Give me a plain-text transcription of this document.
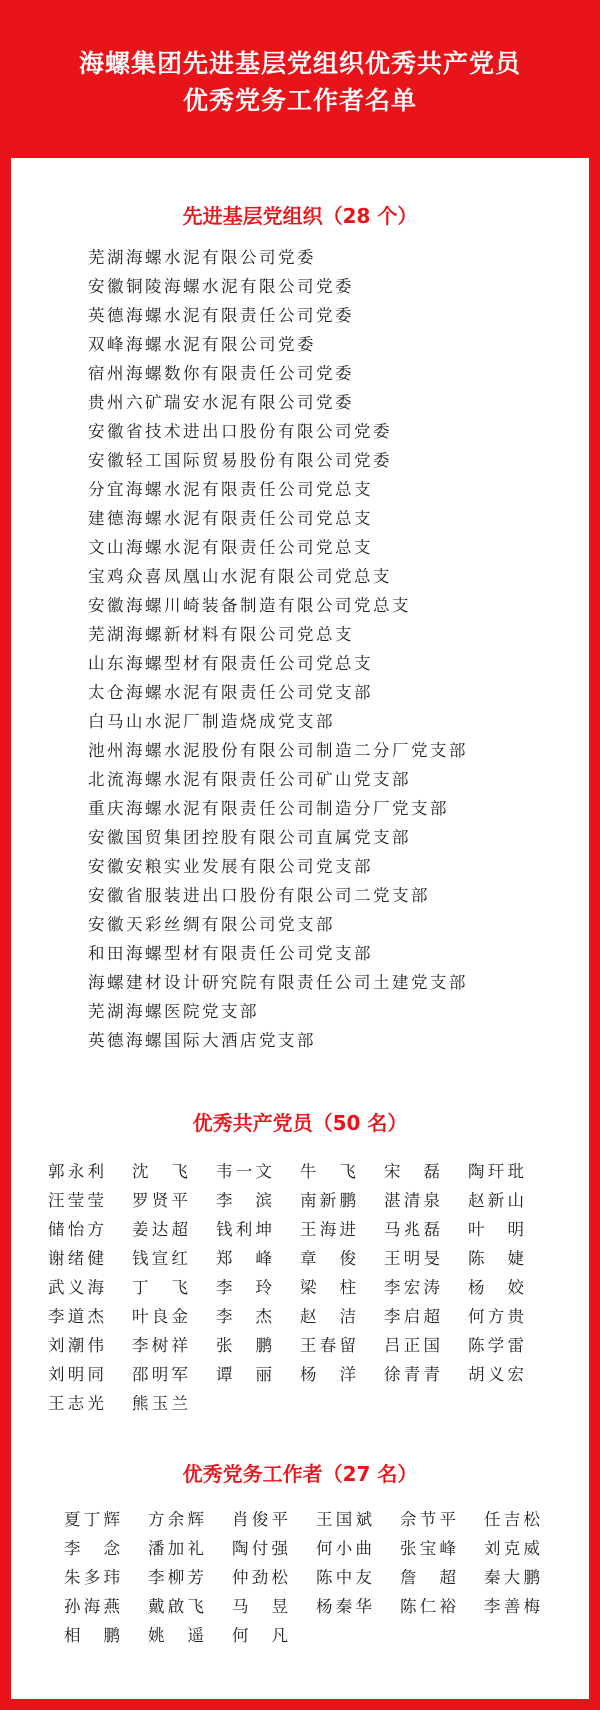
海螺集团先进基层党组织优秀共产党员
优秀党务工作者名单
先进基层党组织（28 个）
芜湖海螺水泥有限公司党委
安徽铜陵海螺水泥有限公司党委
英德海螺水泥有限责任公司党委
双峰海螺水泥有限公司党委
宿州海螺数你有限责任公司党委
贵州六矿瑞安水泥有限公司党委
安徽省技术进出口股份有限公司党委
安徽轻工国际贸易股份有限公司党委
分宜海螺水泥有限责任公司党总支
建德海螺水泥有限责任公司党总支
文山海螺水泥有限责任公司党总支
宝鸡众喜凤凰山水泥有限公司党总支
安徽海螺川崎装备制造有限公司党总支
芜湖海螺新材料有限公司党总支
山东海螺型材有限责任公司党总支
太仓海螺水泥有限责任公司党支部
白马山水泥厂制造烧成党支部
池州海螺水泥股份有限公司制造二分厂党支部
北流海螺水泥有限责任公司矿山党支部
重庆海螺水泥有限责任公司制造分厂党支部
安徽国贸集团控股有限公司直属党支部
安徽安粮实业发展有限公司党支部
安徽省服装进出口股份有限公司二党支部
安徽天彩丝绸有限公司党支部
和田海螺型材有限责任公司党支部
海螺建材设计研究院有限责任公司土建党支部
芜湖海螺医院党支部
英德海螺国际大酒店党支部
优秀共产党员（50 名）
郭 永 利 沈 飞 韦 一 文 牛 飞 宋 磊 陶 玕 玭
汪 莹 莹 罗 贤 平 李 滨 南 新 鹏 湛 清 泉 赵 新 山
储 怡 方 姜 达 超 钱 利 坤 王 海 进 马 兆 磊 叶 明
谢 绪 健 钱 宣 红 郑 峰 章 俊 王 明 旻 陈 婕
武 义 海 丁 飞 李 玲 梁 柱 李 宏 涛 杨 姣
李 道 杰 叶 良 金 李 杰 赵 洁 李 启 超 何 方 贵
刘 潮 伟 李 树 祥 张 鹏 王 春 留 吕 正 国 陈 学 雷
刘 明 同 邵 明 军 谭 丽 杨 洋 徐 青 青 胡 义 宏
王 志 光 熊 玉 兰
优秀党务工作者（27 名）
夏 丁 辉 方 余 辉 肖 俊 平 王 国 斌 佘 节 平 任 吉 松
李 念 潘 加 礼 陶 付 强 何 小 曲 张 宝 峰 刘 克 威
朱 多 玮 李 柳 芳 仲 劲 松 陈 中 友 詹 超 秦 大 鹏
孙 海 燕 戴 啟 飞 马 昱 杨 秦 华 陈 仁 裕 李 善 梅
相 鹏 姚 遥 何 凡
